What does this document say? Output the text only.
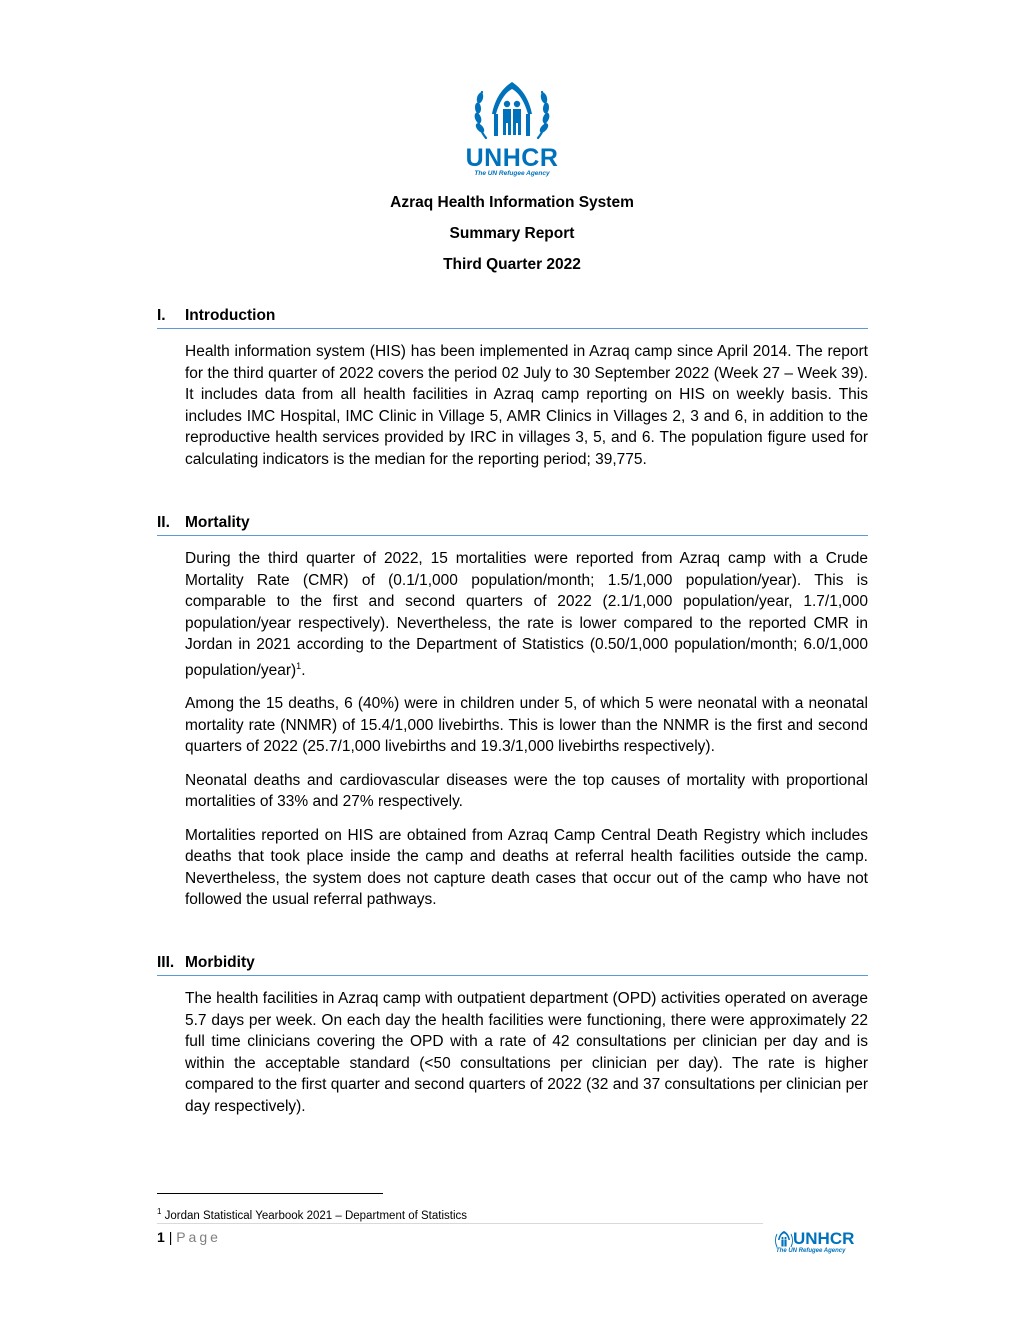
UNHCR
The UN Refugee Agency
Azraq Health Information System
Summary Report
Third Quarter 2022
I.	Introduction

Health information system (HIS) has been implemented in Azraq camp since April 2014. The report for the third quarter of 2022 covers the period 02 July to 30 September 2022 (Week 27 – Week 39). It includes data from all health facilities in Azraq camp reporting on HIS on weekly basis. This includes IMC Hospital, IMC Clinic in Village 5, AMR Clinics in Villages 2, 3 and 6, in addition to the reproductive health services provided by IRC in villages 3, 5, and 6. The population figure used for calculating indicators is the median for the reporting period; 39,775.

II. Mortality

During the third quarter of 2022, 15 mortalities were reported from Azraq camp with a Crude Mortality Rate (CMR) of (0.1/1,000 population/month; 1.5/1,000 population/year). This is comparable to the first and second quarters of 2022 (2.1/1,000 population/year, 1.7/1,000 population/year respectively). Nevertheless, the rate is lower compared to the reported CMR in Jordan in 2021 according to the Department of Statistics (0.50/1,000 population/month; 6.0/1,000 population/year)$^1$.

Among the 15 deaths, 6 (40%) were in children under 5, of which 5 were neonatal with a neonatal mortality rate (NNMR) of 15.4/1,000 livebirths. This is lower than the NNMR is the first and second quarters of 2022 (25.7/1,000 livebirths and 19.3/1,000 livebirths respectively).

Neonatal deaths and cardiovascular diseases were the top causes of mortality with proportional mortalities of 33% and 27% respectively.

Mortalities reported on HIS are obtained from Azraq Camp Central Death Registry which includes deaths that took place inside the camp and deaths at referral health facilities outside the camp. Nevertheless, the system does not capture death cases that occur out of the camp who have not followed the usual referral pathways.

III. Morbidity

The health facilities in Azraq camp with outpatient department (OPD) activities operated on average 5.7 days per week. On each day the health facilities were functioning, there were approximately 22 full time clinicians covering the OPD with a rate of 42 consultations per clinician per day and is within the acceptable standard (<50 consultations per clinician per day). The rate is higher compared to the first quarter and second quarters of 2022 (32 and 37 consultations per clinician per day respectively).

$^1$ Jordan Statistical Yearbook 2021 – Department of Statistics
1 | Page	UNHCR
The UN Refugee Agency
